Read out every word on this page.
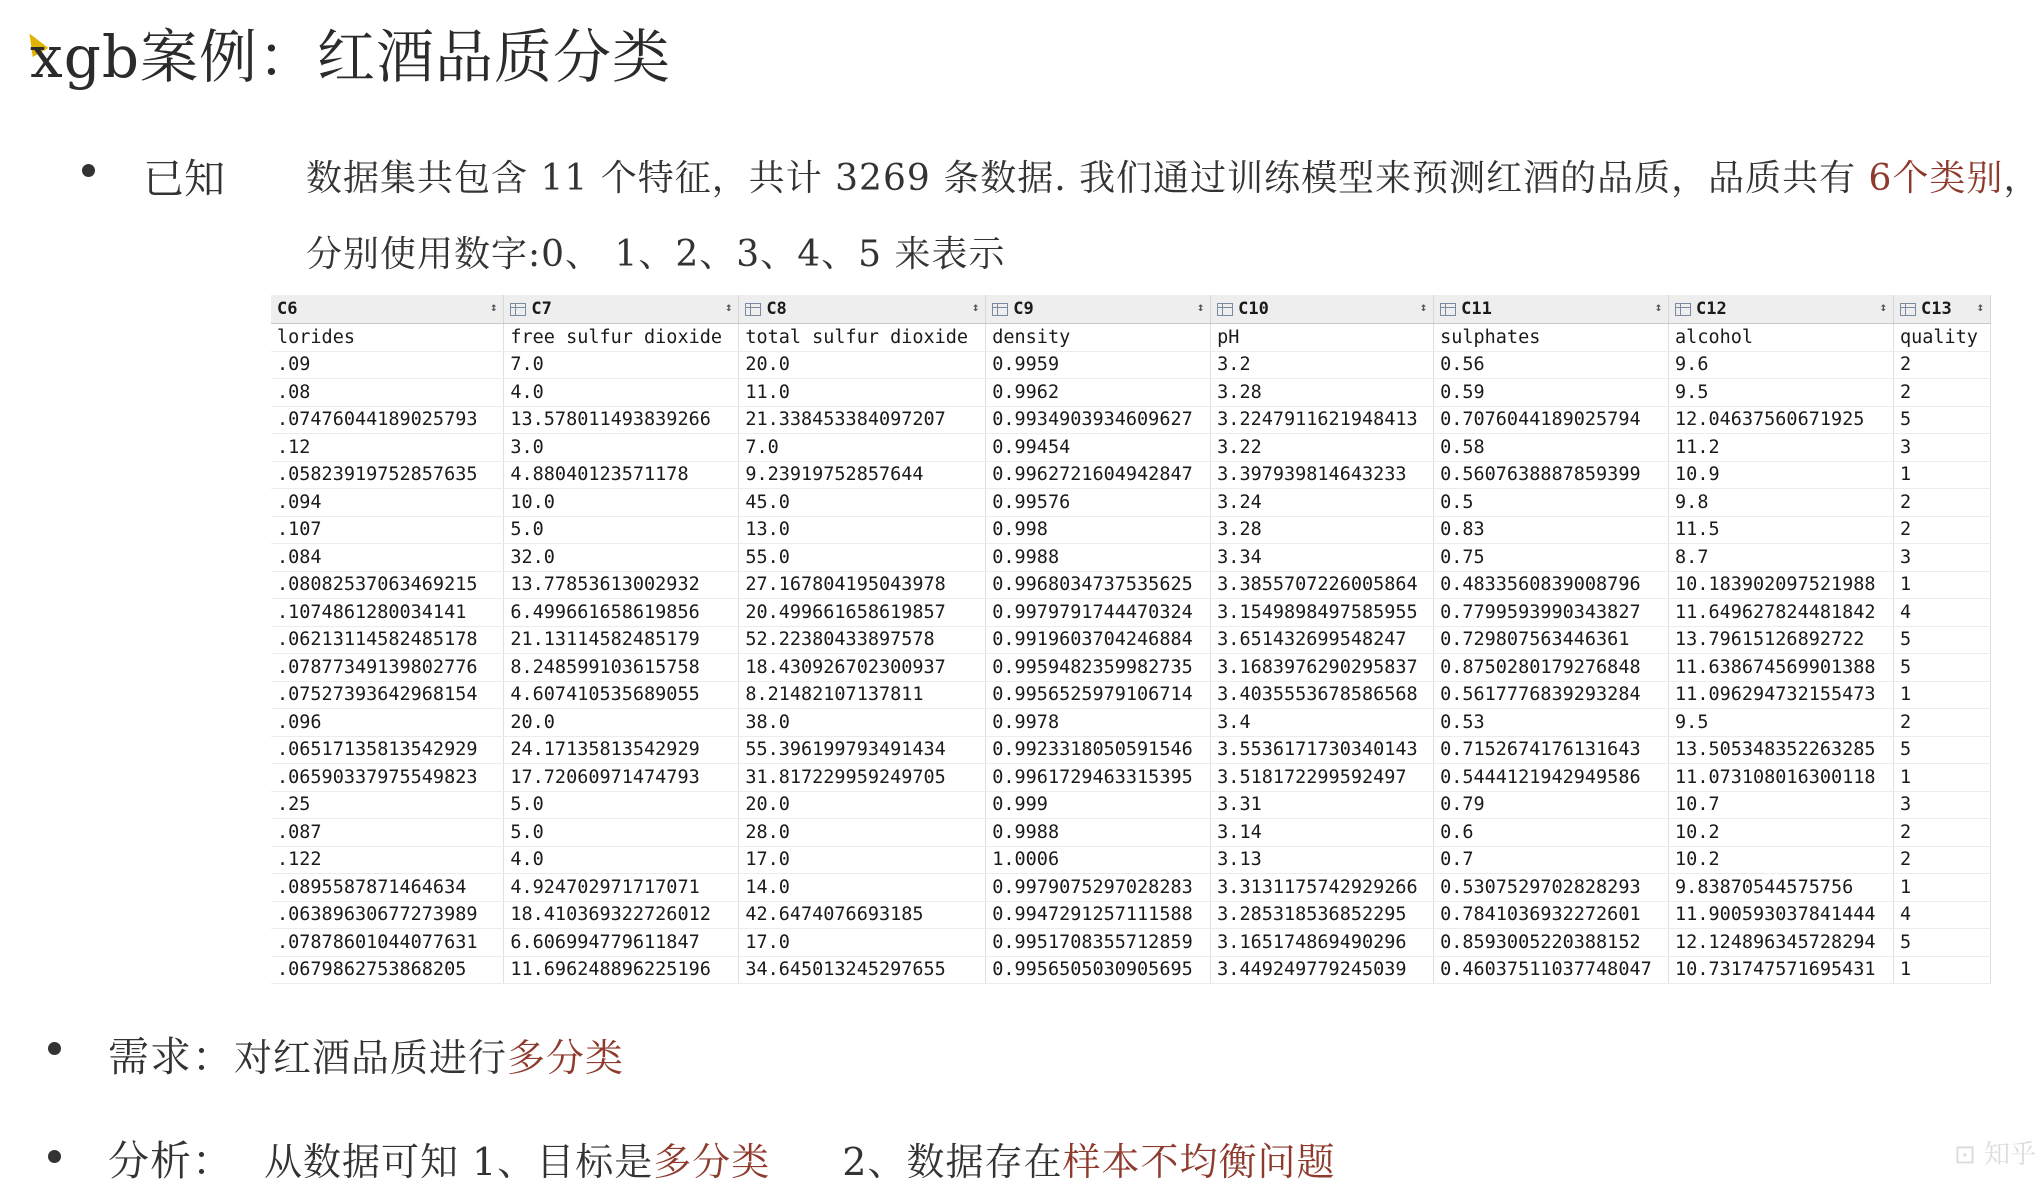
xgb案例：红酒品质分类
已知 数据集共包含 11 个特征，共计 3269 条数据. 我们通过训练模型来预测红酒的品质，品质共有 6个类别，
分别使用数字:0、 1、2、3、4、5 来表示
C6 ↕	C7 ↕	C8 ↕	C9 ↕	C10 ↕	C11 ↕	C12 ↕	C13 ↕

lorides	free sulfur dioxide	total sulfur dioxide	density	pH	sulphates	alcohol	quality
.09	7.0	20.0	0.9959	3.2	0.56	9.6	2
.08	4.0	11.0	0.9962	3.28	0.59	9.5	2
.07476044189025793	13.578011493839266	21.338453384097207	0.9934903934609627	3.2247911621948413	0.7076044189025794	12.04637560671925	5
.12	3.0	7.0	0.99454	3.22	0.58	11.2	3
.05823919752857635	4.88040123571178	9.23919752857644	0.9962721604942847	3.397939814643233	0.5607638887859399	10.9	1
.094	10.0	45.0	0.99576	3.24	0.5	9.8	2
.107	5.0	13.0	0.998	3.28	0.83	11.5	2
.084	32.0	55.0	0.9988	3.34	0.75	8.7	3
.08082537063469215	13.77853613002932	27.167804195043978	0.9968034737535625	3.3855707226005864	0.4833560839008796	10.183902097521988	1
.1074861280034141	6.499661658619856	20.499661658619857	0.9979791744470324	3.1549898497585955	0.7799593990343827	11.649627824481842	4
.06213114582485178	21.13114582485179	52.22380433897578	0.9919603704246884	3.651432699548247	0.729807563446361	13.79615126892722	5
.07877349139802776	8.248599103615758	18.430926702300937	0.9959482359982735	3.1683976290295837	0.8750280179276848	11.638674569901388	5
.07527393642968154	4.607410535689055	8.21482107137811	0.9956525979106714	3.4035553678586568	0.5617776839293284	11.096294732155473	1
.096	20.0	38.0	0.9978	3.4	0.53	9.5	2
.06517135813542929	24.17135813542929	55.396199793491434	0.9923318050591546	3.5536171730340143	0.7152674176131643	13.505348352263285	5
.06590337975549823	17.72060971474793	31.817229959249705	0.9961729463315395	3.518172299592497	0.5444121942949586	11.073108016300118	1
.25	5.0	20.0	0.999	3.31	0.79	10.7	3
.087	5.0	28.0	0.9988	3.14	0.6	10.2	2
.122	4.0	17.0	1.0006	3.13	0.7	10.2	2
.0895587871464634	4.924702971717071	14.0	0.9979075297028283	3.3131175742929266	0.5307529702828293	9.83870544575756	1
.06389630677273989	18.410369322726012	42.6474076693185	0.9947291257111588	3.285318536852295	0.7841036932272601	11.900593037841444	4
.07878601044077631	6.606994779611847	17.0	0.9951708355712859	3.165174869490296	0.8593005220388152	12.124896345728294	5
.0679862753868205	11.696248896225196	34.645013245297655	0.9956505030905695	3.449249779245039	0.46037511037748047	10.731747571695431	1
需求：对红酒品质进行多分类
分析： 从数据可知 1、目标是多分类 2、数据存在样本不均衡问题	⊡ 知乎
